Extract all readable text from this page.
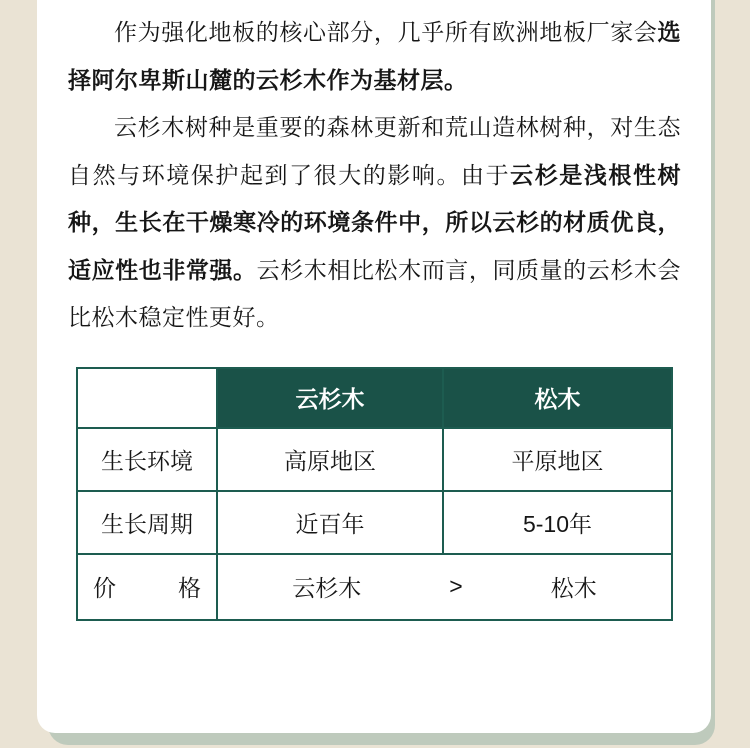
作为强化地板的核心部分，几乎所有欧洲地板厂家会选择阿尔卑斯山麓的云杉木作为基材层。

云杉木树种是重要的森林更新和荒山造林树种，对生态自然与环境保护起到了很大的影响。由于云杉是浅根性树种，生长在干燥寒冷的环境条件中，所以云杉的材质优良，适应性也非常强。云杉木相比松木而言，同质量的云杉木会比松木稳定性更好。

	云杉木	松木
生长环境	高原地区	平原地区
生长周期	近百年	5-10年

价 格	云杉木 > 松木	
